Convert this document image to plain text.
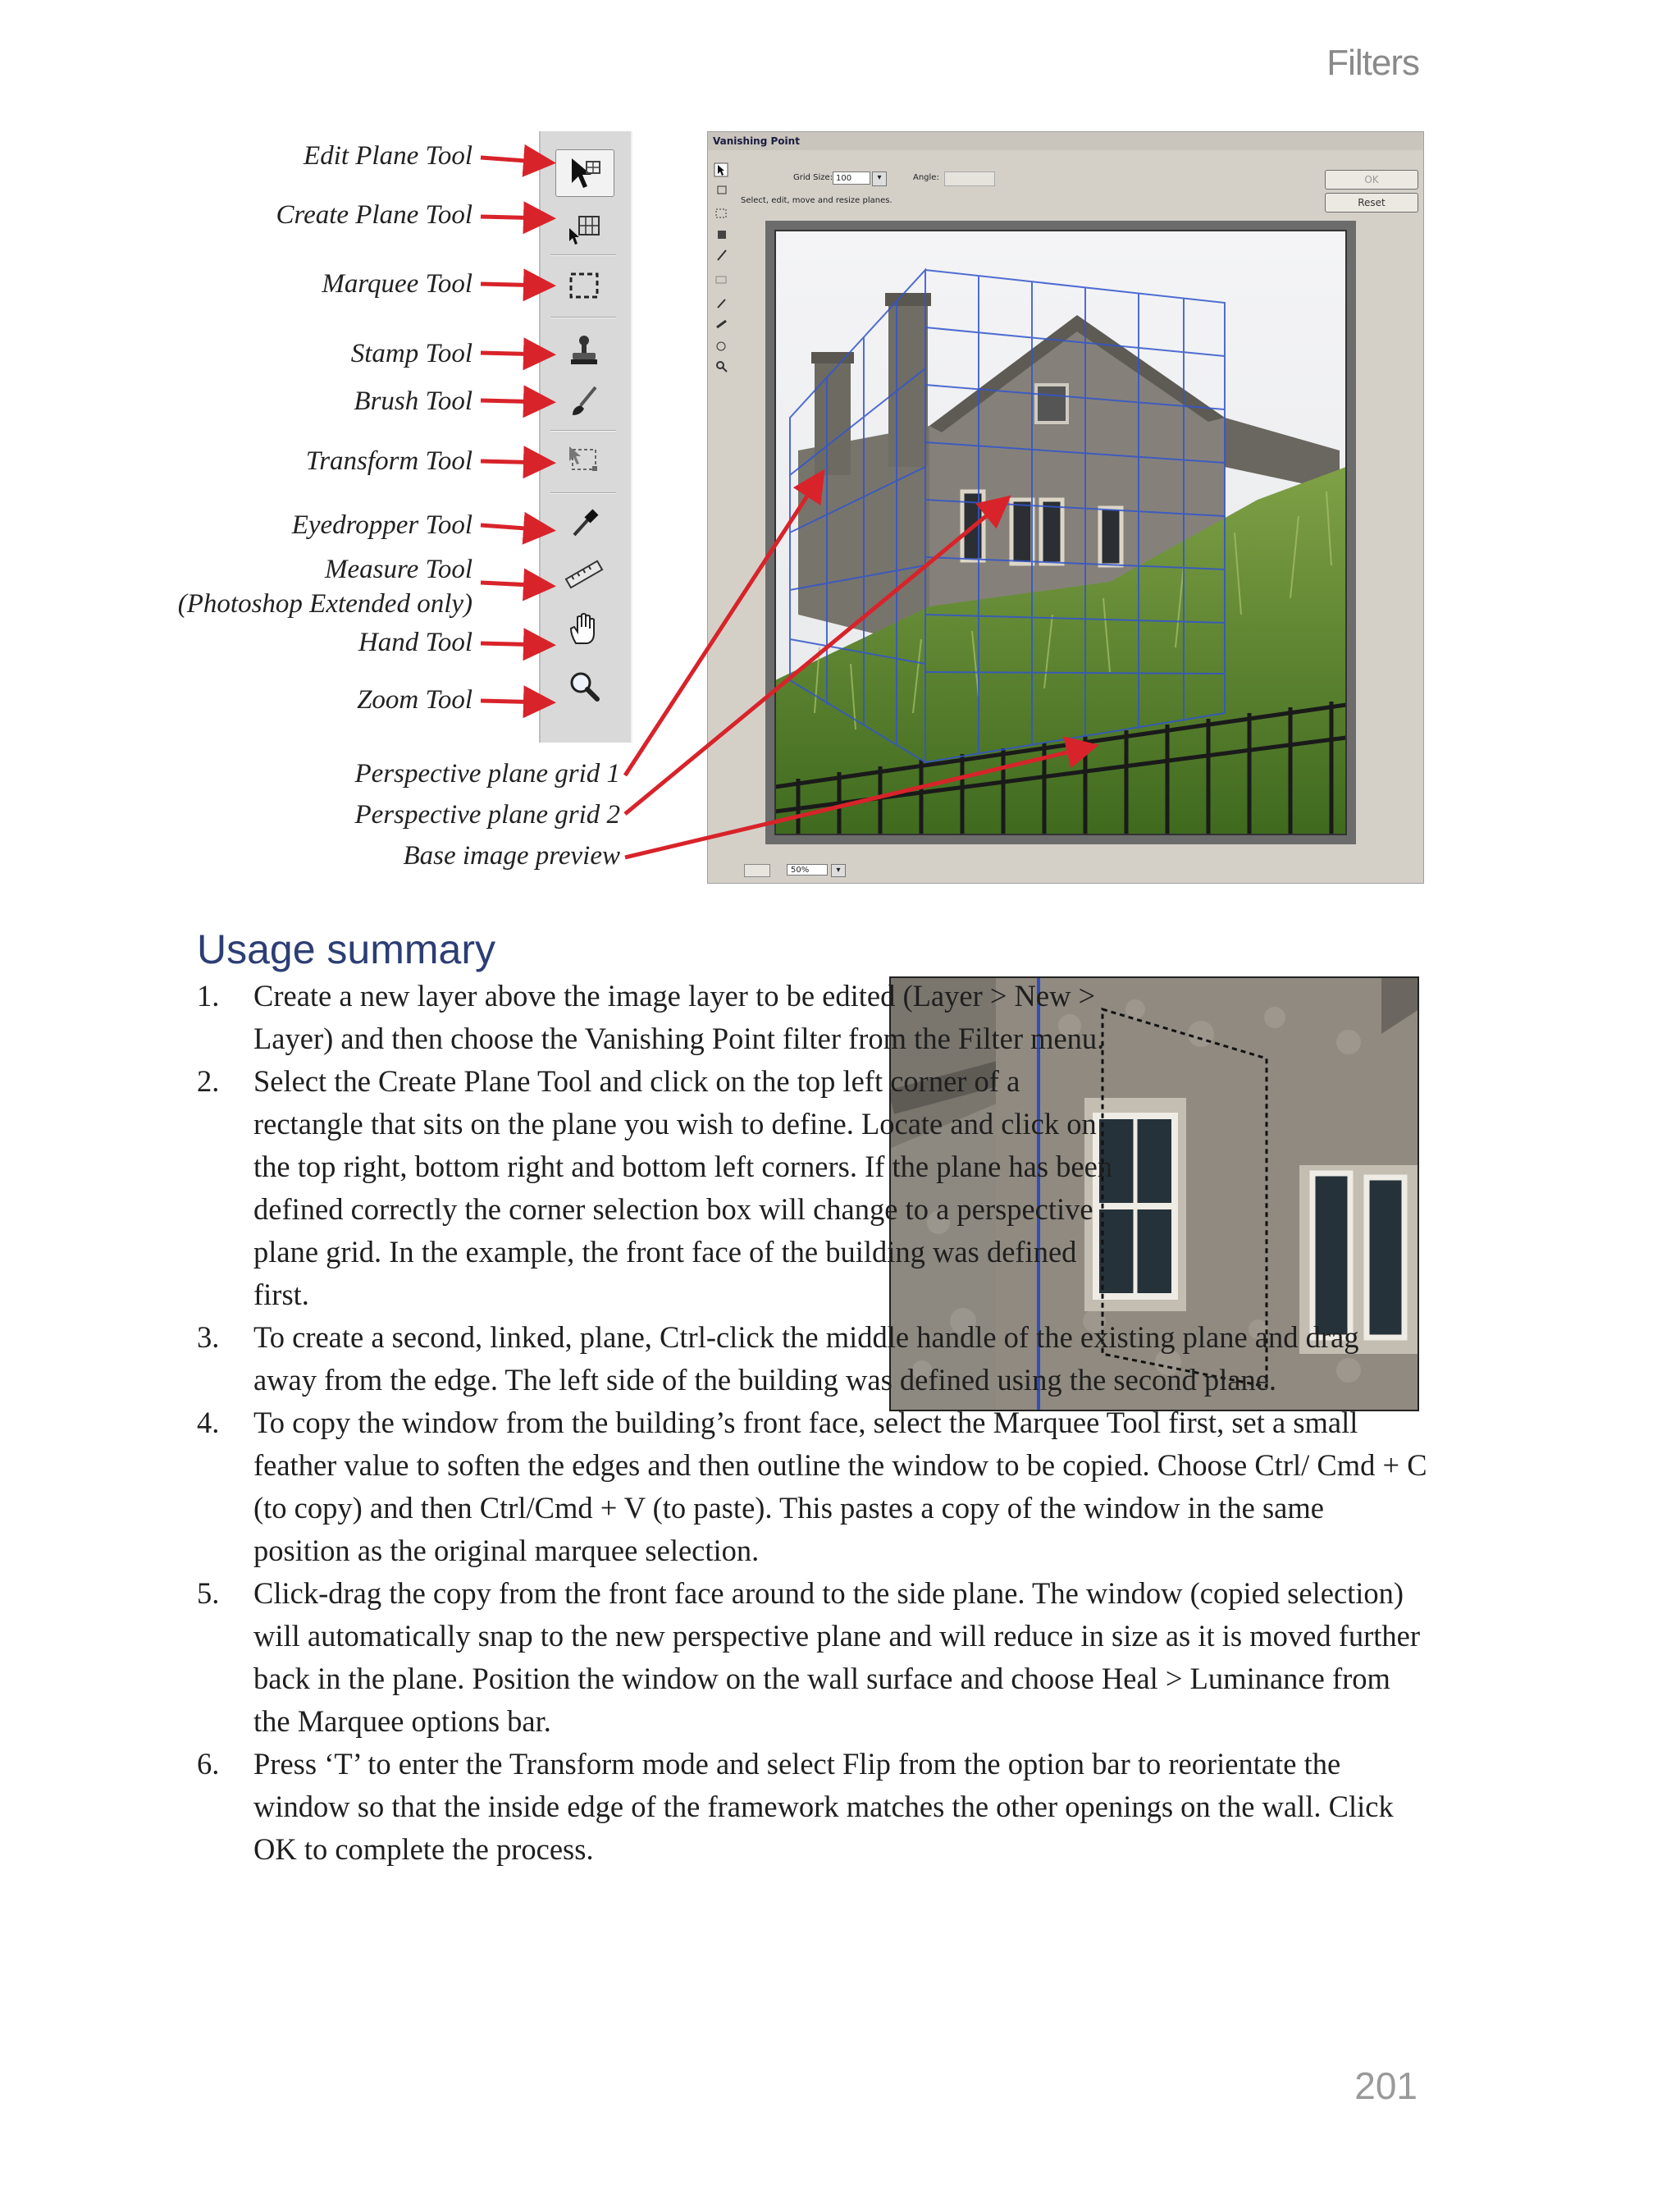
Filters
Edit Plane Tool
Create Plane Tool
Marquee Tool
Stamp Tool
Brush Tool
Transform Tool
Eyedropper Tool
Measure Tool
(Photoshop Extended only)
Hand Tool
Zoom Tool
Perspective plane grid 1
Perspective plane grid 2
Base image preview
Vanishing Point
Grid Size: 100	▾	Angle:
Select, edit, move and resize planes.
OK
Reset
50%	▾
Usage summary
1. Create a new layer above the image layer to be edited (Layer > New > Layer) and then choose the Vanishing Point filter from the Filter menu.
2. Select the Create Plane Tool and click on the top left corner of a rectangle that sits on the plane you wish to define. Locate and click on the top right, bottom right and bottom left corners. If the plane has been defined correctly the corner selection box will change to a perspective plane grid. In the example, the front face of the building was defined first.
3. To create a second, linked, plane, Ctrl-click the middle handle of the existing plane and drag away from the edge. The left side of the building was defined using the second plane.
4. To copy the window from the building’s front face, select the Marquee Tool first, set a small feather value to soften the edges and then outline the window to be copied. Choose Ctrl/ Cmd + C (to copy) and then Ctrl/Cmd + V (to paste). This pastes a copy of the window in the same position as the original marquee selection.
5. Click-drag the copy from the front face around to the side plane. The window (copied selection) will automatically snap to the new perspective plane and will reduce in size as it is moved further back in the plane. Position the window on the wall surface and choose Heal > Luminance from the Marquee options bar.
6. Press ‘T’ to enter the Transform mode and select Flip from the option bar to reorientate the window so that the inside edge of the framework matches the other openings on the wall. Click OK to complete the process.
201
